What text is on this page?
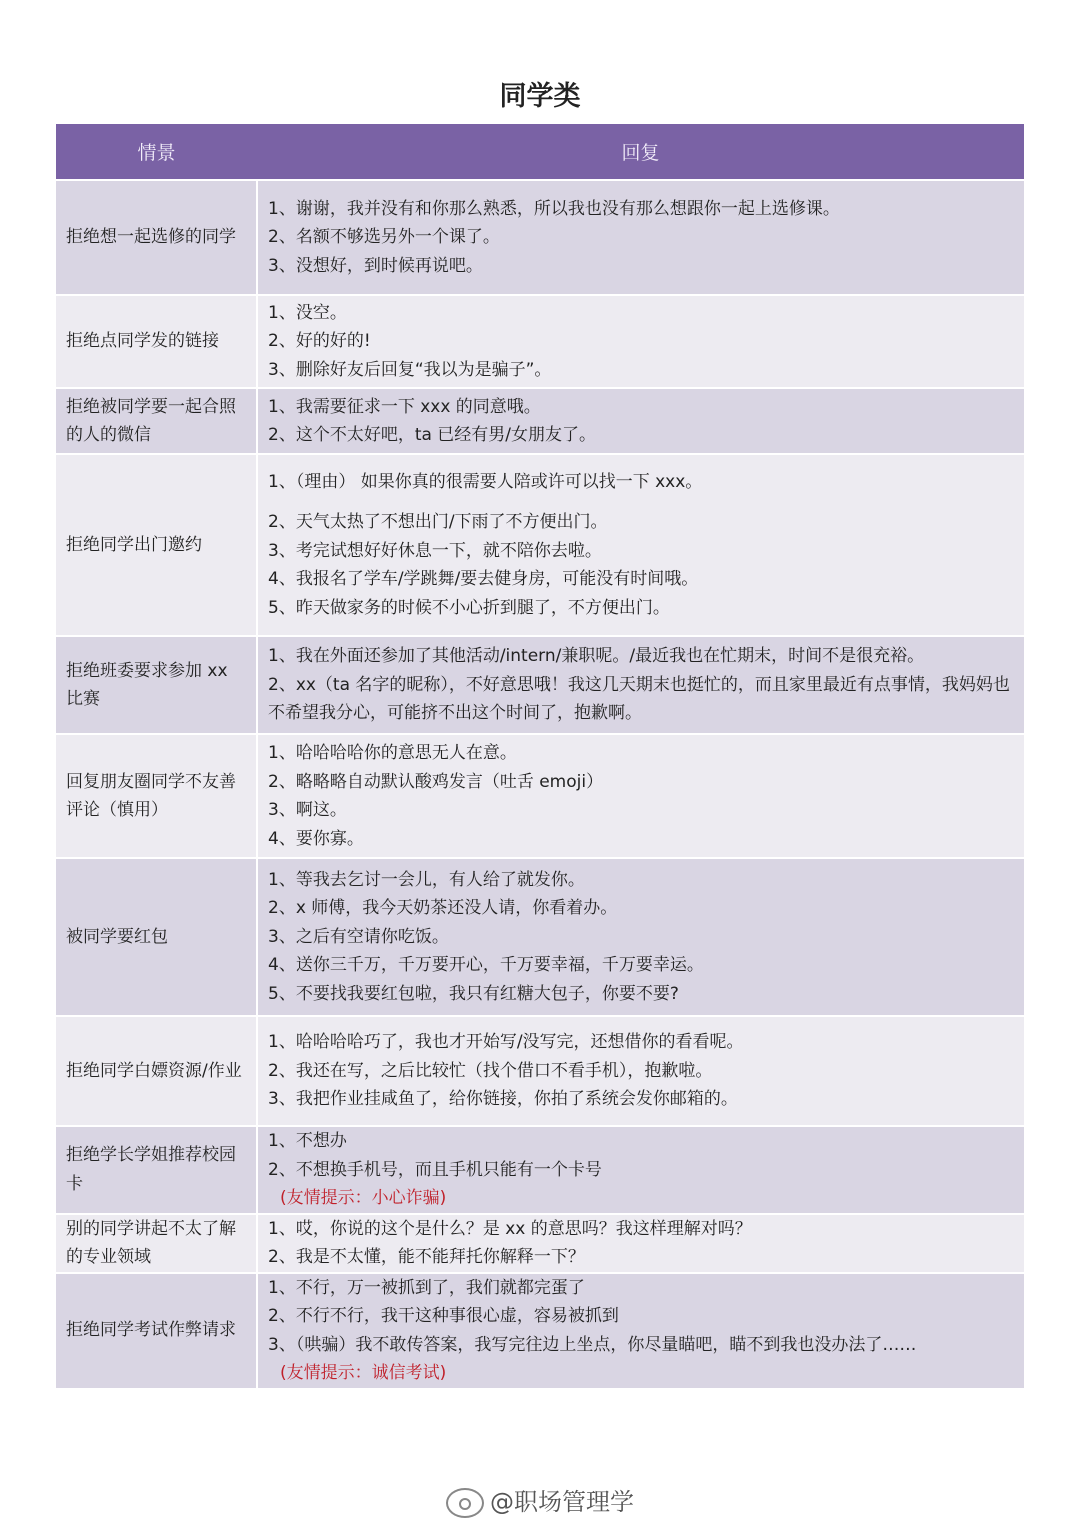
同学类
情景	回复
拒绝想一起选修的同学	1、谢谢，我并没有和你那么熟悉，所以我也没有那么想跟你一起上选修课。
2、名额不够选另外一个课了。
3、没想好，到时候再说吧。

拒绝点同学发的链接	1、没空。
2、好的好的!
3、删除好友后回复“我以为是骗子”。

拒绝被同学要一起合照的人的微信	1、我需要征求一下 xxx 的同意哦。
2、这个不太好吧，ta 已经有男/女朋友了。

拒绝同学出门邀约	1、（理由） 如果你真的很需要人陪或许可以找一下 xxx。
2、天气太热了不想出门/下雨了不方便出门。
3、考完试想好好休息一下，就不陪你去啦。
4、我报名了学车/学跳舞/要去健身房，可能没有时间哦。
5、昨天做家务的时候不小心折到腿了，不方便出门。

拒绝班委要求参加 xx 比赛	1、我在外面还参加了其他活动/intern/兼职呢。/最近我也在忙期末，时间不是很充裕。
2、xx（ta 名字的昵称），不好意思哦！我这几天期末也挺忙的，而且家里最近有点事情，我妈妈也不希望我分心，可能挤不出这个时间了，抱歉啊。

回复朋友圈同学不友善评论（慎用）	1、哈哈哈哈你的意思无人在意。
2、略略略自动默认酸鸡发言（吐舌 emoji）
3、啊这。
4、要你寡。

被同学要红包	1、等我去乞讨一会儿，有人给了就发你。
2、x 师傅，我今天奶茶还没人请，你看着办。
3、之后有空请你吃饭。
4、送你三千万，千万要开心，千万要幸福，千万要幸运。
5、不要找我要红包啦，我只有红糖大包子，你要不要?

拒绝同学白嫖资源/作业	1、哈哈哈哈巧了，我也才开始写/没写完，还想借你的看看呢。
2、我还在写，之后比较忙（找个借口不看手机），抱歉啦。
3、我把作业挂咸鱼了，给你链接，你拍了系统会发你邮箱的。

拒绝学长学姐推荐校园卡	1、不想办
2、不想换手机号，而且手机只能有一个卡号
(友情提示：小心诈骗)

别的同学讲起不太了解的专业领域	1、哎，你说的这个是什么？是 xx 的意思吗？我这样理解对吗？
2、我是不太懂，能不能拜托你解释一下？

拒绝同学考试作弊请求	1、不行，万一被抓到了，我们就都完蛋了
2、不行不行，我干这种事很心虚，容易被抓到
3、（哄骗）我不敢传答案，我写完往边上坐点，你尽量瞄吧，瞄不到我也没办法了……
(友情提示：诚信考试)
@职场管理学
